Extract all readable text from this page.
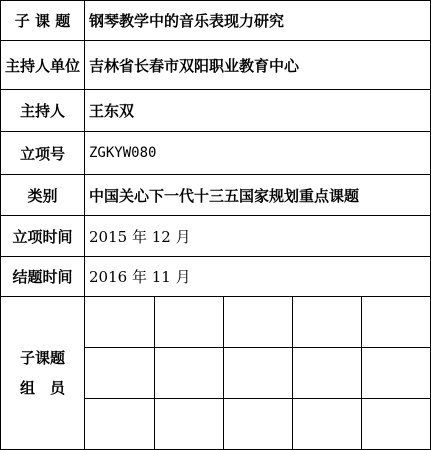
子 课 题	钢琴教学中的音乐表现力研究
主持人单位	吉林省长春市双阳职业教育中心
主持人	王东双
立项号	ZGKYW080
类别	中国关心下一代十三五国家规划重点课题
立项时间	2015 年 12 月
结题时间	2016 年 11 月

子课题
组　员
